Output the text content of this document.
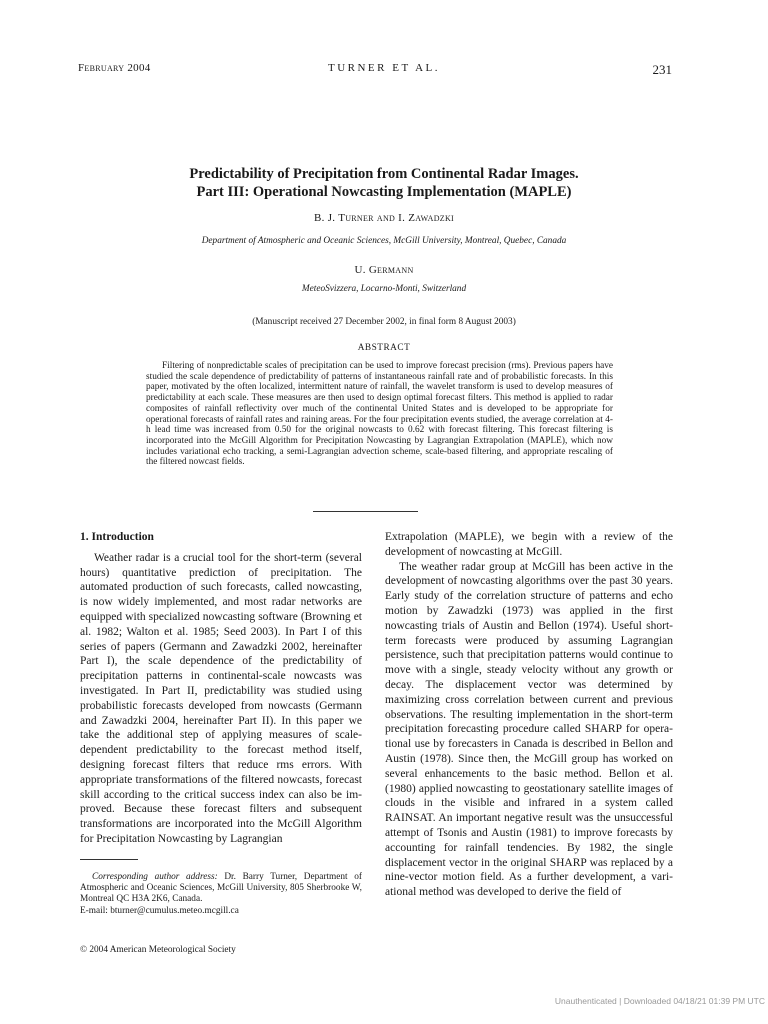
February 2004	TURNER ET AL.	231
Predictability of Precipitation from Continental Radar Images.
Part III: Operational Nowcasting Implementation (MAPLE)
B. J. Turner and I. Zawadzki
Department of Atmospheric and Oceanic Sciences, McGill University, Montreal, Quebec, Canada
U. Germann
MeteoSvizzera, Locarno-Monti, Switzerland
(Manuscript received 27 December 2002, in final form 8 August 2003)
ABSTRACT
Filtering of nonpredictable scales of precipitation can be used to improve forecast precision (rms). Previous papers have studied the scale dependence of predictability of patterns of instantaneous rainfall rate and of probabilistic forecasts. In this paper, motivated by the often localized, intermittent nature of rainfall, the wavelet transform is used to develop measures of predictability at each scale. These measures are then used to design optimal forecast filters. This method is applied to radar composites of rainfall reflectivity over much of the continental United States and is developed to be appropriate for operational forecasts of rainfall rates and raining areas. For the four precipitation events studied, the average correlation at 4-h lead time was increased from 0.50 for the original nowcasts to 0.62 with forecast filtering. This forecast filtering is incorporated into the McGill Algorithm for Precipitation Nowcasting by Lagrangian Extrapolation (MAPLE), which now includes variational echo tracking, a semi-Lagrangian advection scheme, scale-based filtering, and appropriate rescaling of the filtered nowcast fields.
1. Introduction

Weather radar is a crucial tool for the short-term (several hours) quantitative prediction of precipitation. The automated production of such forecasts, called nowcasting, is now widely implemented, and most radar networks are equipped with specialized nowcasting software (Browning et al. 1982; Walton et al. 1985; Seed 2003). In Part I of this series of papers (Germann and Zawadzki 2002, hereinafter Part I), the scale dependence of the predictability of precipitation patterns in continental-scale nowcasts was investigated. In Part II, predictability was studied using probabilistic forecasts developed from nowcasts (Germann and Zawadzki 2004, hereinafter Part II). In this paper we take the additional step of applying measures of scale-dependent predictability to the forecast method itself, designing forecast filters that reduce rms errors. With appropriate transformations of the filtered nowcasts, forecast skill according to the critical success index can also be improved. Because these forecast filters and subsequent transformations are incorporated into the McGill Algorithm for Precipitation Nowcasting by Lagrangian

Extrapolation (MAPLE), we begin with a review of the development of nowcasting at McGill.

The weather radar group at McGill has been active in the development of nowcasting algorithms over the past 30 years. Early study of the correlation structure of patterns and echo motion by Zawadzki (1973) was applied in the first nowcasting trials of Austin and Bellon (1974). Useful short-term forecasts were produced by assuming Lagrangian persistence, such that precipitation patterns would continue to move with a single, steady velocity without any growth or decay. The displacement vector was determined by maximizing cross correlation between current and previous observations. The resulting implementation in the short-term precipitation forecasting procedure called SHARP for operational use by forecasters in Canada is described in Bellon and Austin (1978). Since then, the McGill group has worked on several enhancements to the basic method. Bellon et al. (1980) applied nowcasting to geostationary satellite images of clouds in the visible and infrared in a system called RAINSAT. An important negative result was the unsuccessful attempt of Tsonis and Austin (1981) to improve forecasts by accounting for rainfall tendencies. By 1982, the single displacement vector in the original SHARP was replaced by a nine-vector motion field. As a further development, a variational method was developed to derive the field of

Corresponding author address: Dr. Barry Turner, Department of Atmospheric and Oceanic Sciences, McGill University, 805 Sherbrooke W, Montreal QC H3A 2K6, Canada.
E-mail: bturner@cumulus.meteo.mcgill.ca
© 2004 American Meteorological Society
Unauthenticated | Downloaded 04/18/21 01:39 PM UTC
